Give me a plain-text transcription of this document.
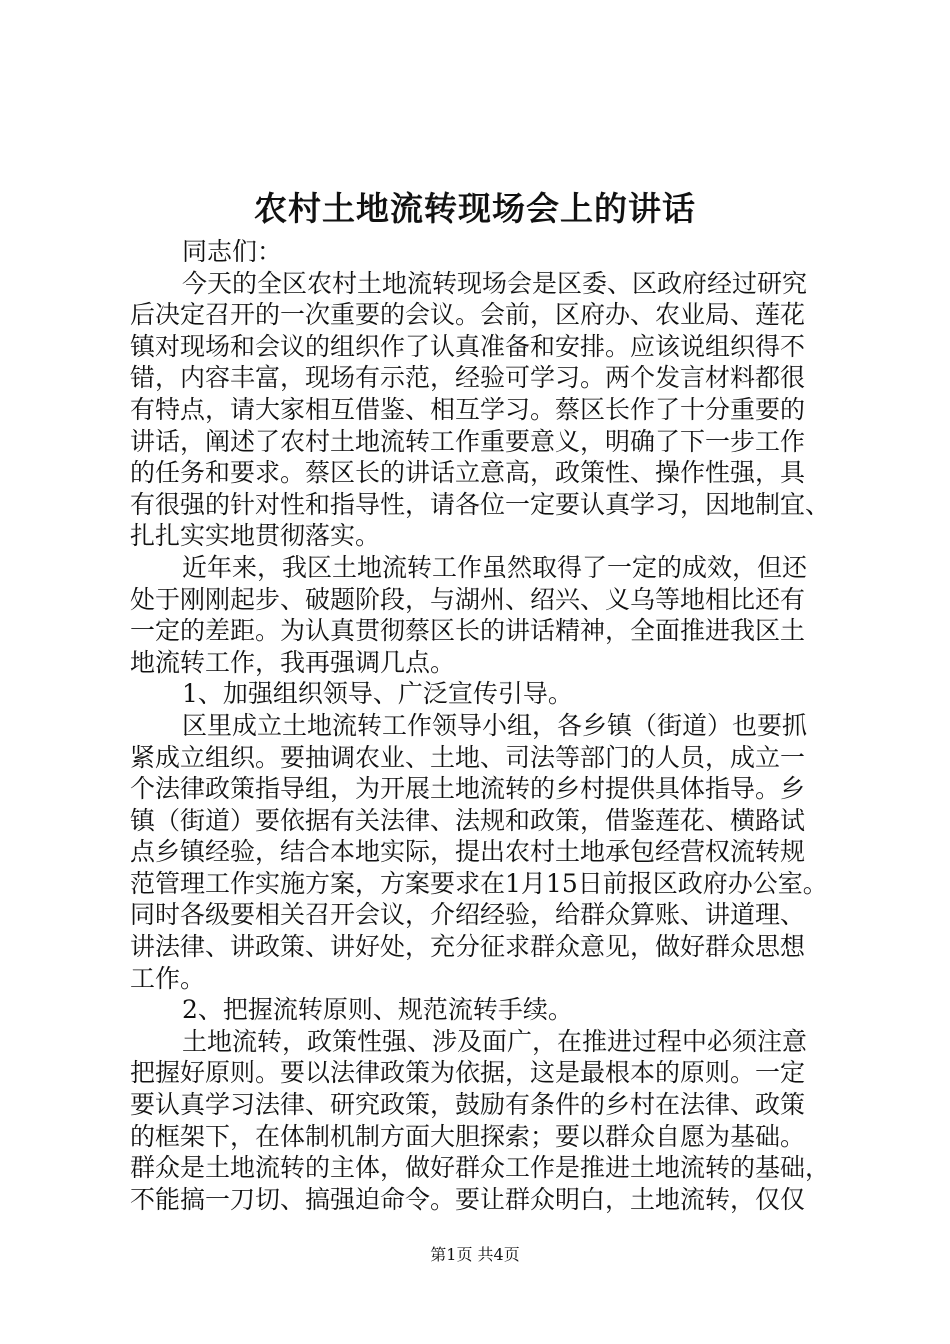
农村土地流转现场会上的讲话
同志们：
今天的全区农村土地流转现场会是区委、区政府经过研究
后决定召开的一次重要的会议。会前，区府办、农业局、莲花
镇对现场和会议的组织作了认真准备和安排。应该说组织得不
错，内容丰富，现场有示范，经验可学习。两个发言材料都很
有特点，请大家相互借鉴、相互学习。蔡区长作了十分重要的
讲话，阐述了农村土地流转工作重要意义，明确了下一步工作
的任务和要求。蔡区长的讲话立意高，政策性、操作性强，具
有很强的针对性和指导性，请各位一定要认真学习，因地制宜、
扎扎实实地贯彻落实。
近年来，我区土地流转工作虽然取得了一定的成效，但还
处于刚刚起步、破题阶段，与湖州、绍兴、义乌等地相比还有
一定的差距。为认真贯彻蔡区长的讲话精神，全面推进我区土
地流转工作，我再强调几点。
1、加强组织领导、广泛宣传引导。
区里成立土地流转工作领导小组，各乡镇（街道）也要抓
紧成立组织。要抽调农业、土地、司法等部门的人员，成立一
个法律政策指导组，为开展土地流转的乡村提供具体指导。乡
镇（街道）要依据有关法律、法规和政策，借鉴莲花、横路试
点乡镇经验，结合本地实际，提出农村土地承包经营权流转规
范管理工作实施方案，方案要求在1月15日前报区政府办公室。
同时各级要相关召开会议，介绍经验，给群众算账、讲道理、
讲法律、讲政策、讲好处，充分征求群众意见，做好群众思想
工作。
2、把握流转原则、规范流转手续。
土地流转，政策性强、涉及面广，在推进过程中必须注意
把握好原则。要以法律政策为依据，这是最根本的原则。一定
要认真学习法律、研究政策，鼓励有条件的乡村在法律、政策
的框架下，在体制机制方面大胆探索；要以群众自愿为基础。
群众是土地流转的主体，做好群众工作是推进土地流转的基础，
不能搞一刀切、搞强迫命令。要让群众明白，土地流转，仅仅
第1页 共4页
